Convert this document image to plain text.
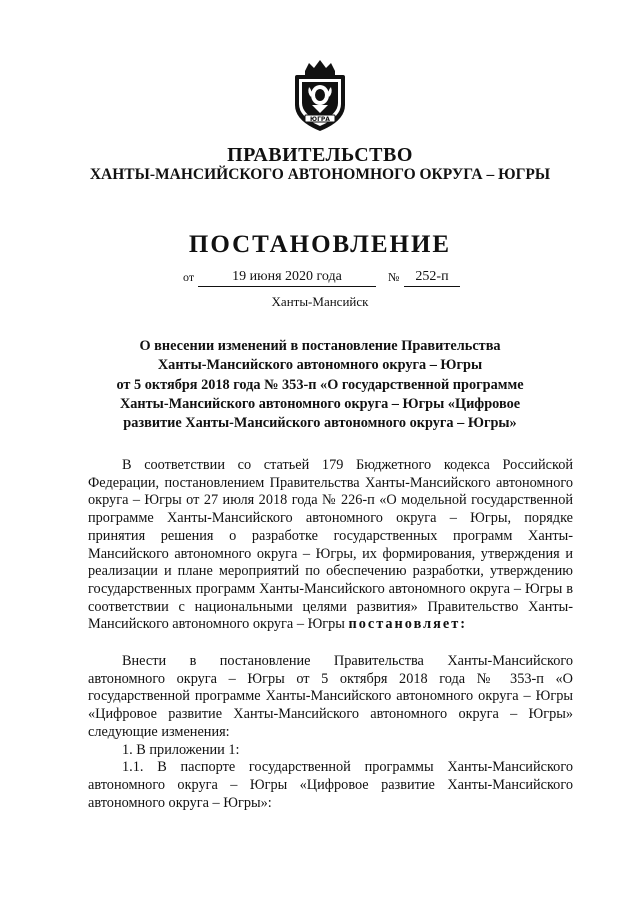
ЮГРА
ПРАВИТЕЛЬСТВО
ХАНТЫ-МАНСИЙСКОГО АВТОНОМНОГО ОКРУГА – ЮГРЫ
ПОСТАНОВЛЕНИЕ
от	19 июня 2020 года	№	252-п
Ханты-Мансийск
О внесении изменений в постановление Правительства
Ханты-Мансийского автономного округа – Югры
от 5 октября 2018 года № 353-п «О государственной программе
Ханты-Мансийского автономного округа – Югры «Цифровое
развитие Ханты-Мансийского автономного округа – Югры»
В соответствии со статьей 179 Бюджетного кодекса Российской Федерации, постановлением Правительства Ханты-Мансийского автономного округа – Югры от 27 июля 2018 года № 226-п «О модельной государственной программе Ханты-Мансийского автономного округа – Югры, порядке принятия решения о разработке государственных программ Ханты-Мансийского автономного округа – Югры, их формирования, утверждения и реализации и плане мероприятий по обеспечению разработки, утверждению государственных программ Ханты-Мансийского автономного округа – Югры в соответствии с национальными целями развития» Правительство Ханты-Мансийского автономного округа – Югры постановляет:
Внести в постановление Правительства Ханты-Мансийского автономного округа – Югры от 5 октября 2018 года № 353-п «О государственной программе Ханты-Мансийского автономного округа – Югры «Цифровое развитие Ханты-Мансийского автономного округа – Югры» следующие изменения:
1. В приложении 1:
1.1. В паспорте государственной программы Ханты-Мансийского автономного округа – Югры «Цифровое развитие Ханты-Мансийского автономного округа – Югры»:
